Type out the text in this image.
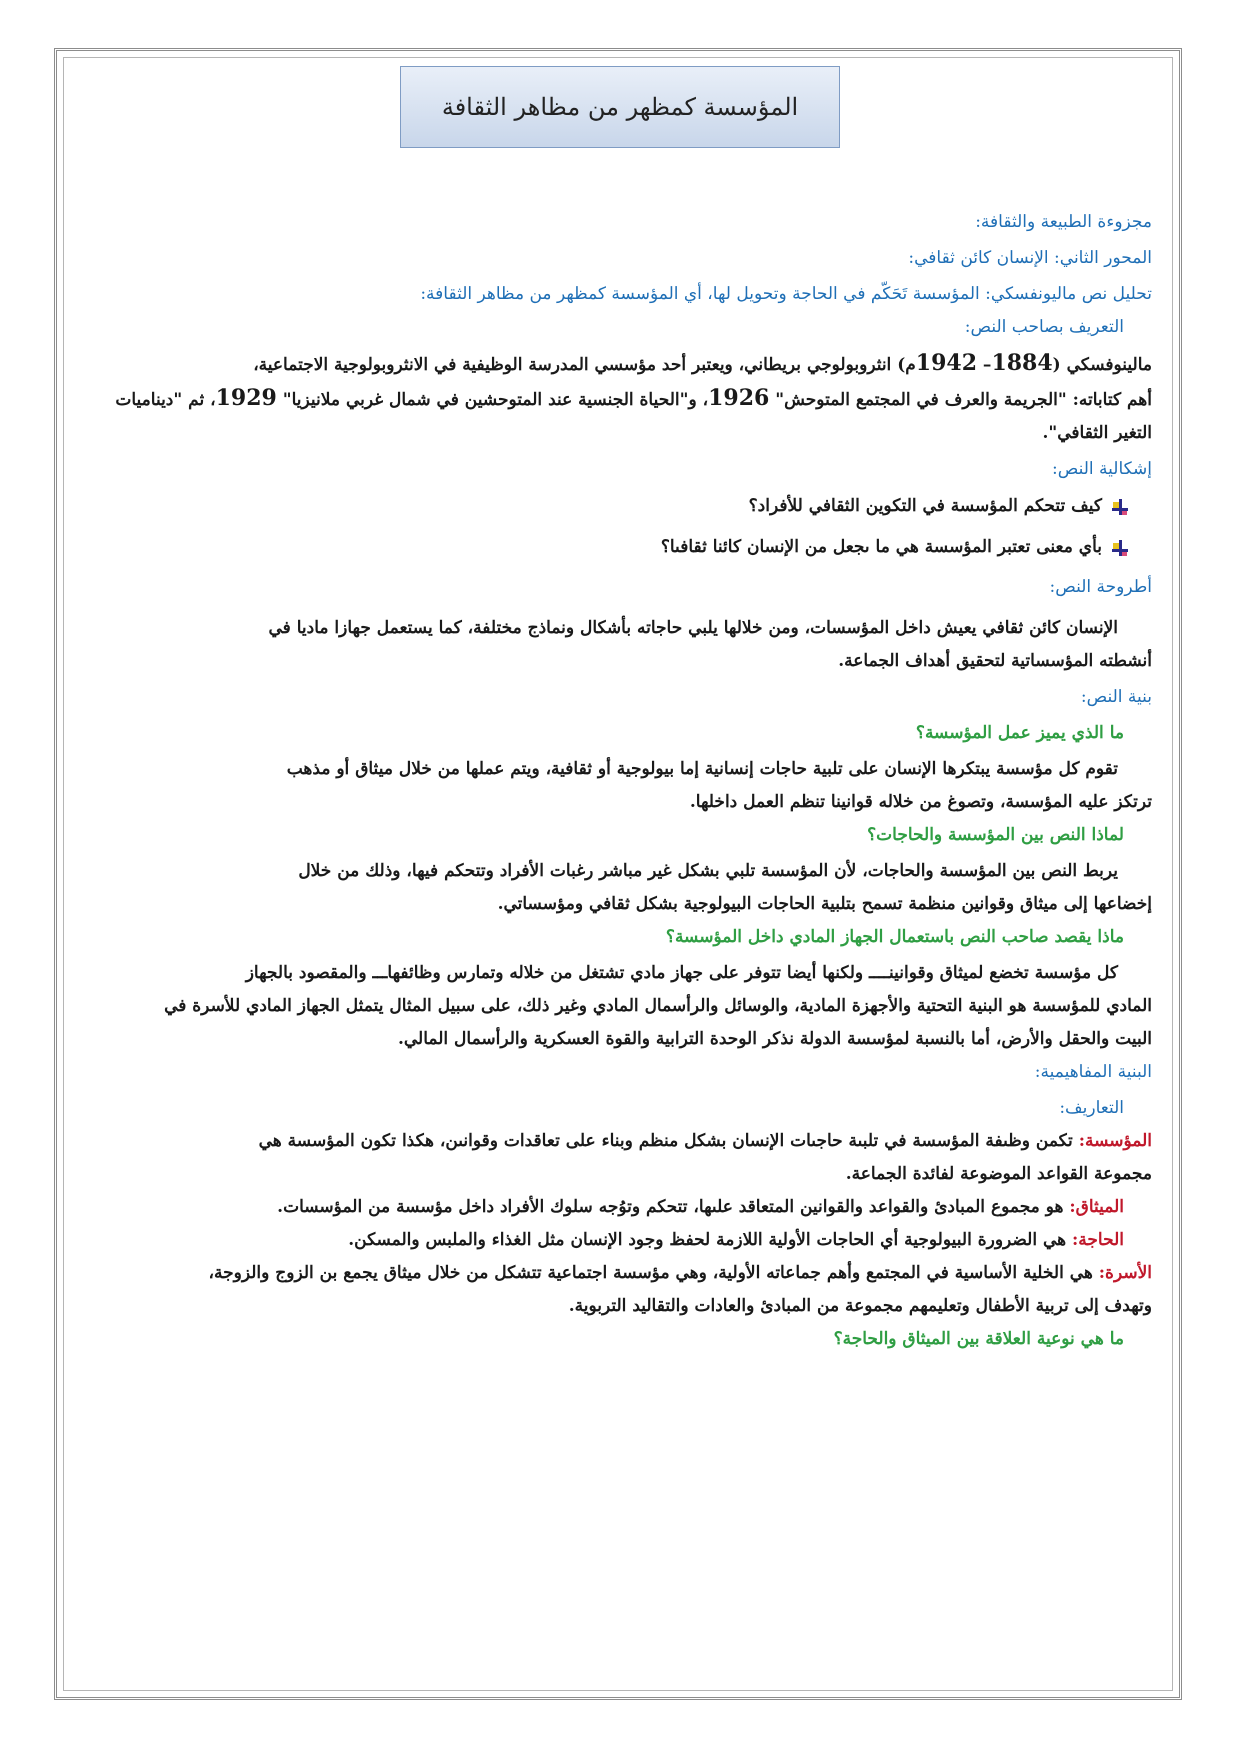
المؤسسة كمظهر من مظاهر الثقافة

مجزوءة الطبيعة والثقافة:

المحور الثاني: الإنسان كائن ثقافي:

تحليل نص ماليونفسكي: المؤسسة تَحَكّم في الحاجة وتحويل لها، أي المؤسسة كمظهر من مظاهر الثقافة:

التعريف بصاحب النص:

مالينوفسكي (1884– 1942م) انثروبولوجي بريطاني، ويعتبر أحد مؤسسي المدرسة الوظيفية في الانثروبولوجية الاجتماعية،

أهم كتاباته: "الجريمة والعرف في المجتمع المتوحش" 1926، و"الحياة الجنسية عند المتوحشين في شمال غربي ملانيزيا" 1929، ثم "ديناميات

التغير الثقافي".

إشكالية النص:

كيف تتحكم المؤسسة في التكوين الثقافي للأفراد؟
بأي معنى تعتبر المؤسسة هي ما ىجعل من الإنسان كائنا ثقافىا؟

أطروحة النص:

الإنسان كائن ثقافي يعيش داخل المؤسسات، ومن خلالها يلبي حاجاته بأشكال ونماذج مختلفة، كما يستعمل جهازا ماديا في

أنشطته المؤسساتية لتحقيق أهداف الجماعة.

بنية النص:

ما الذي يميز عمل المؤسسة؟

تقوم كل مؤسسة يبتكرها الإنسان على تلبية حاجات إنسانية إما بيولوجية أو ثقافية، ويتم عملها من خلال ميثاق أو مذهب

ترتكز عليه المؤسسة، وتصوغ من خلاله قوانينا تنظم العمل داخلها.

لماذا النص بين المؤسسة والحاجات؟

يربط النص بين المؤسسة والحاجات، لأن المؤسسة تلبي بشكل غير مباشر رغبات الأفراد وتتحكم فيها، وذلك من خلال

إخضاعها إلى ميثاق وقوانين منظمة تسمح بتلبية الحاجات البيولوجية بشكل ثقافي ومؤسساتي.

ماذا يقصد صاحب النص باستعمال الجهاز المادي داخل المؤسسة؟

كل مؤسسة تخضع لميثاق وقوانينــــ ولكنها أيضا تتوفر على جهاز مادي تشتغل من خلاله وتمارس وظائفهاـــ والمقصود بالجهاز

المادي للمؤسسة هو البنية التحتية والأجهزة المادية، والوسائل والرأسمال المادي وغير ذلك، على سبيل المثال يتمثل الجهاز المادي للأسرة في

البيت والحقل والأرض، أما بالنسبة لمؤسسة الدولة نذكر الوحدة الترابية والقوة العسكرية والرأسمال المالي.

البنية المفاهيمية:

التعاريف:

المؤسسة: تكمن وظىفة المؤسسة في تلبىة حاجىات الإنسان بشكل منظم وبناء على تعاقدات وقوانىن، هكذا تكون المؤسسة هي

مجموعة القواعد الموضوعة لفائدة الجماعة.

الميثاق: هو مجموع المبادئ والقواعد والقوانين المتعاقد علىها، تتحكم وتوُجه سلوك الأفراد داخل مؤسسة من المؤسسات.

الحاجة: هي الضرورة البيولوجية أي الحاجات الأولية اللازمة لحفظ وجود الإنسان مثل الغذاء والملبس والمسكن.

الأسرة: هي الخلية الأساسية في المجتمع وأهم جماعاته الأولية، وهي مؤسسة اجتماعية تتشكل من خلال ميثاق يجمع بن الزوج والزوجة،

وتهدف إلى تربية الأطفال وتعليمهم مجموعة من المبادئ والعادات والتقاليد التربوية.

ما هي نوعية العلاقة بين الميثاق والحاجة؟
